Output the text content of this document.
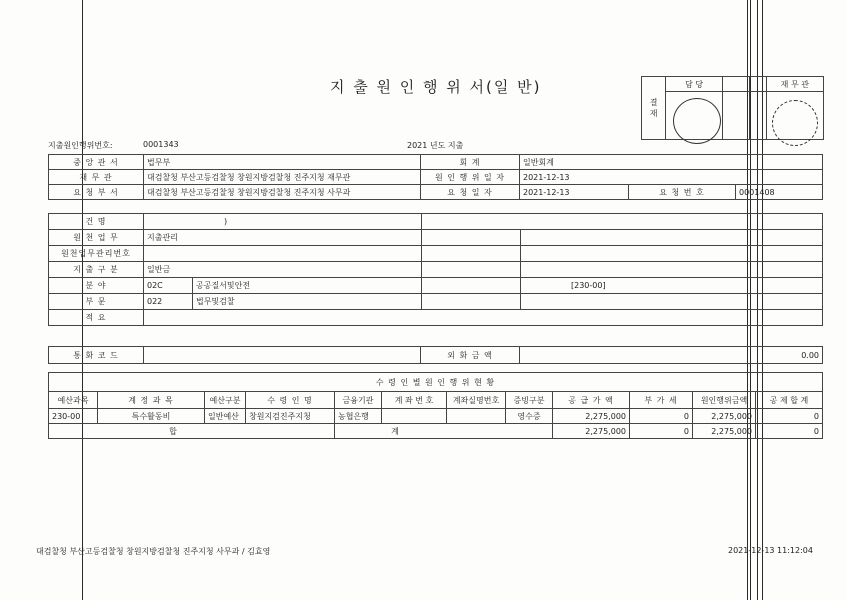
지 출 원 인 행 위 서(일 반)
결
재	담 당			재 무 관

지출원인행위번호:	0001343	2021 년도 지출
중 앙 관 서	법무부	회 계	일반회계		
재 무 관	대검찰청 부산고등검찰청 창원지방검찰청 진주지청 재무관	원 인 행 위 일 자	2021-12-13		
요 청 부 서	대검찰청 부산고등검찰청 창원지방검찰청 진주지청 사무과	요 청 일 자	2021-12-13	요 청 번 호	0001408
건 명	)			
원 천 업 무	지출관리			
원천업무관리번호				
지 출 구 분	일반금			
분 야	02C	공공질서및안전		[230-00]
부 문	022	법무및검찰		
적 요				
통 화 코 드		외 화 금 액	0.00
수 령 인 별 원 인 행 위 현 황											
예산과목	계 정 과 목	예산구분	수 령 인 명	금융기관	계 좌 번 호	계좌실명번호	증빙구분	공 급 가 액	부 가 세	원인행위금액	공 제 합 계
230-00	특수활동비	일반예산	창원지검진주지청	농협은행			영수증	2,275,000	0	2,275,000	0
합				계				2,275,000	0	2,275,000	0
대검찰청 부산고등검찰청 창원지방검찰청 진주지청 사무과 / 김효영	2021-12-13 11:12:04
